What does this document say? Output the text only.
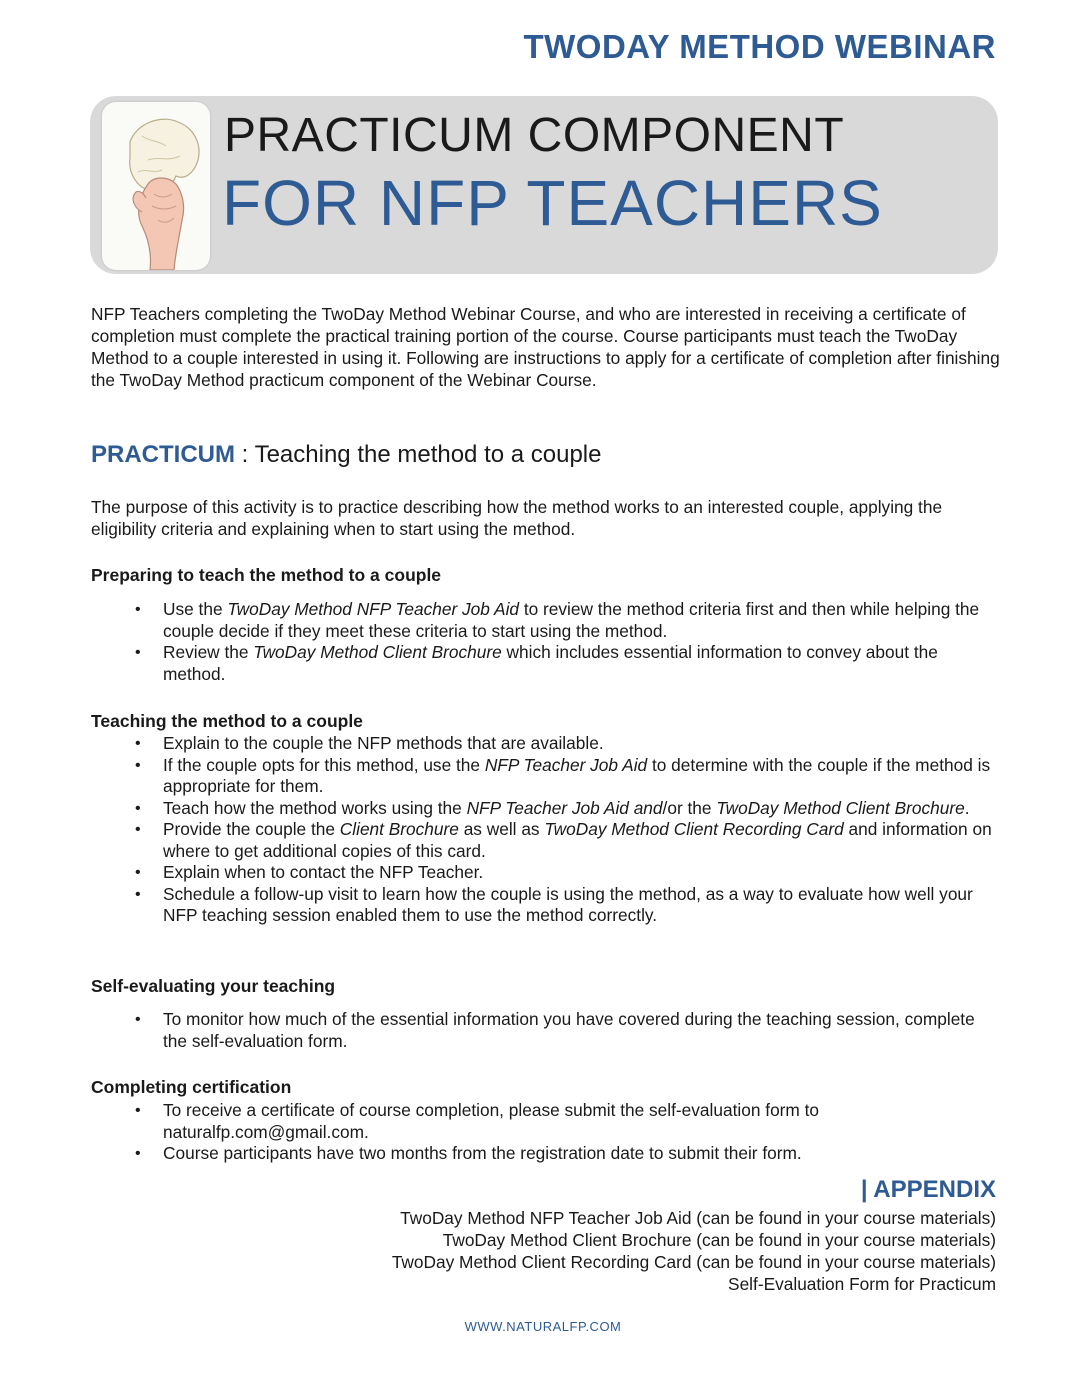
TWODAY METHOD WEBINAR
PRACTICUM COMPONENT
FOR NFP TEACHERS
NFP Teachers completing the TwoDay Method Webinar Course, and who are interested in receiving a certificate of completion must complete the practical training portion of the course. Course participants must teach the TwoDay Method to a couple interested in using it. Following are instructions to apply for a certificate of completion after finishing the TwoDay Method practicum component of the Webinar Course.
PRACTICUM : Teaching the method to a couple
The purpose of this activity is to practice describing how the method works to an interested couple, applying the eligibility criteria and explaining when to start using the method.
Preparing to teach the method to a couple
• Use the TwoDay Method NFP Teacher Job Aid to review the method criteria first and then while helping the couple decide if they meet these criteria to start using the method.
• Review the TwoDay Method Client Brochure which includes essential information to convey about the method.
Teaching the method to a couple
• Explain to the couple the NFP methods that are available.
• If the couple opts for this method, use the NFP Teacher Job Aid to determine with the couple if the method is appropriate for them.
• Teach how the method works using the NFP Teacher Job Aid and/or the TwoDay Method Client Brochure.
• Provide the couple the Client Brochure as well as TwoDay Method Client Recording Card and information on where to get additional copies of this card.
• Explain when to contact the NFP Teacher.
• Schedule a follow-up visit to learn how the couple is using the method, as a way to evaluate how well your NFP teaching session enabled them to use the method correctly.
Self-evaluating your teaching
• To monitor how much of the essential information you have covered during the teaching session, complete the self-evaluation form.
Completing certification
• To receive a certificate of course completion, please submit the self-evaluation form to naturalfp.com@gmail.com.
• Course participants have two months from the registration date to submit their form.
| APPENDIX
TwoDay Method NFP Teacher Job Aid (can be found in your course materials)
TwoDay Method Client Brochure (can be found in your course materials)
TwoDay Method Client Recording Card (can be found in your course materials)
Self-Evaluation Form for Practicum
WWW.NATURALFP.COM
